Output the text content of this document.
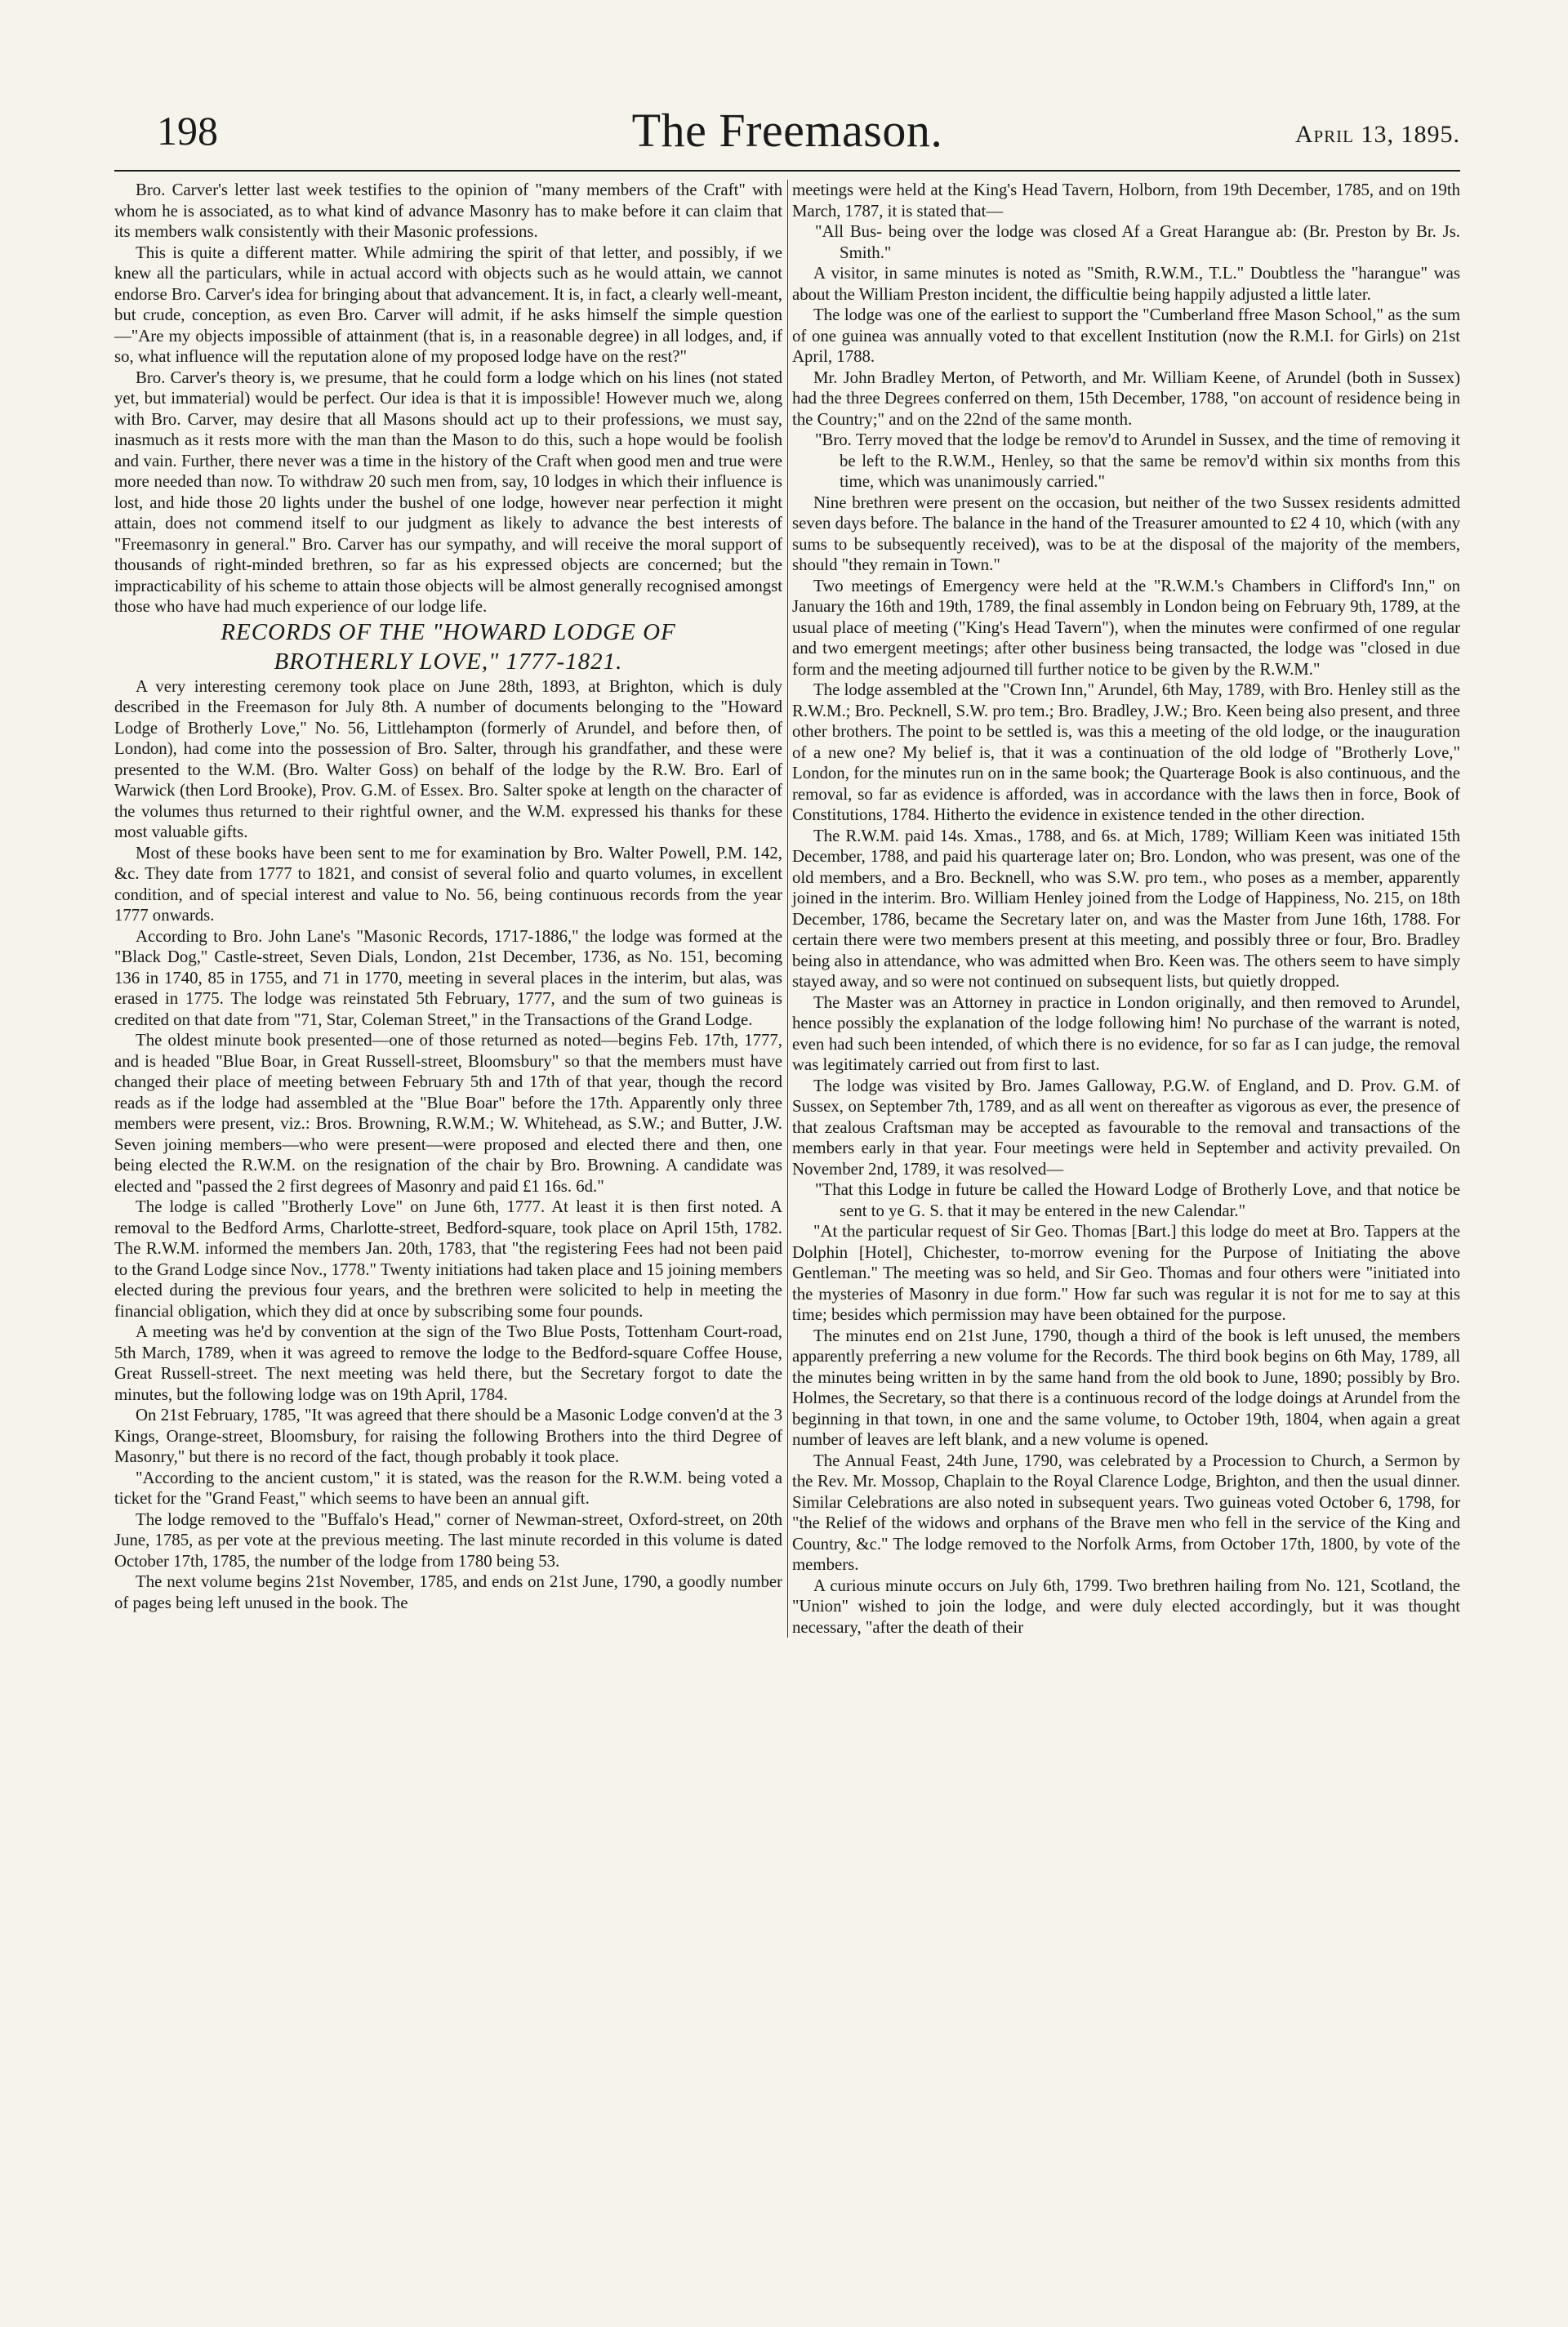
198	The Freemason.	April 13, 1895.

Bro. Carver's letter last week testifies to the opinion of "many members of the Craft" with whom he is associated, as to what kind of advance Masonry has to make before it can claim that its members walk consistently with their Masonic professions.

This is quite a different matter. While admiring the spirit of that letter, and possibly, if we knew all the particulars, while in actual accord with objects such as he would attain, we cannot endorse Bro. Carver's idea for bringing about that advancement. It is, in fact, a clearly well-meant, but crude, conception, as even Bro. Carver will admit, if he asks himself the simple question—"Are my objects impossible of attainment (that is, in a reasonable degree) in all lodges, and, if so, what influence will the reputation alone of my proposed lodge have on the rest?"

Bro. Carver's theory is, we presume, that he could form a lodge which on his lines (not stated yet, but immaterial) would be perfect. Our idea is that it is impossible! However much we, along with Bro. Carver, may desire that all Masons should act up to their professions, we must say, inasmuch as it rests more with the man than the Mason to do this, such a hope would be foolish and vain. Further, there never was a time in the history of the Craft when good men and true were more needed than now. To withdraw 20 such men from, say, 10 lodges in which their influence is lost, and hide those 20 lights under the bushel of one lodge, however near perfection it might attain, does not commend itself to our judgment as likely to advance the best interests of "Freemasonry in general." Bro. Carver has our sympathy, and will receive the moral support of thousands of right-minded brethren, so far as his expressed objects are concerned; but the impracticability of his scheme to attain those objects will be almost generally recognised amongst those who have had much experience of our lodge life.

RECORDS OF THE "HOWARD LODGE OF
BROTHERLY LOVE," 1777-1821.

A very interesting ceremony took place on June 28th, 1893, at Brighton, which is duly described in the Freemason for July 8th. A number of documents belonging to the "Howard Lodge of Brotherly Love," No. 56, Littlehampton (formerly of Arundel, and before then, of London), had come into the possession of Bro. Salter, through his grandfather, and these were presented to the W.M. (Bro. Walter Goss) on behalf of the lodge by the R.W. Bro. Earl of Warwick (then Lord Brooke), Prov. G.M. of Essex. Bro. Salter spoke at length on the character of the volumes thus returned to their rightful owner, and the W.M. expressed his thanks for these most valuable gifts.

Most of these books have been sent to me for examination by Bro. Walter Powell, P.M. 142, &c. They date from 1777 to 1821, and consist of several folio and quarto volumes, in excellent condition, and of special interest and value to No. 56, being continuous records from the year 1777 onwards.

According to Bro. John Lane's "Masonic Records, 1717-1886," the lodge was formed at the "Black Dog," Castle-street, Seven Dials, London, 21st December, 1736, as No. 151, becoming 136 in 1740, 85 in 1755, and 71 in 1770, meeting in several places in the interim, but alas, was erased in 1775. The lodge was reinstated 5th February, 1777, and the sum of two guineas is credited on that date from "71, Star, Coleman Street," in the Transactions of the Grand Lodge.

The oldest minute book presented—one of those returned as noted—begins Feb. 17th, 1777, and is headed "Blue Boar, in Great Russell-street, Bloomsbury" so that the members must have changed their place of meeting between February 5th and 17th of that year, though the record reads as if the lodge had assembled at the "Blue Boar" before the 17th. Apparently only three members were present, viz.: Bros. Browning, R.W.M.; W. Whitehead, as S.W.; and Butter, J.W. Seven joining members—who were present—were proposed and elected there and then, one being elected the R.W.M. on the resignation of the chair by Bro. Browning. A candidate was elected and "passed the 2 first degrees of Masonry and paid £1 16s. 6d."

The lodge is called "Brotherly Love" on June 6th, 1777. At least it is then first noted. A removal to the Bedford Arms, Charlotte-street, Bedford-square, took place on April 15th, 1782. The R.W.M. informed the members Jan. 20th, 1783, that "the registering Fees had not been paid to the Grand Lodge since Nov., 1778." Twenty initiations had taken place and 15 joining members elected during the previous four years, and the brethren were solicited to help in meeting the financial obligation, which they did at once by subscribing some four pounds.

A meeting was he'd by convention at the sign of the Two Blue Posts, Tottenham Court-road, 5th March, 1789, when it was agreed to remove the lodge to the Bedford-square Coffee House, Great Russell-street. The next meeting was held there, but the Secretary forgot to date the minutes, but the following lodge was on 19th April, 1784.

On 21st February, 1785, "It was agreed that there should be a Masonic Lodge conven'd at the 3 Kings, Orange-street, Bloomsbury, for raising the following Brothers into the third Degree of Masonry," but there is no record of the fact, though probably it took place.

"According to the ancient custom," it is stated, was the reason for the R.W.M. being voted a ticket for the "Grand Feast," which seems to have been an annual gift.

The lodge removed to the "Buffalo's Head," corner of Newman-street, Oxford-street, on 20th June, 1785, as per vote at the previous meeting. The last minute recorded in this volume is dated October 17th, 1785, the number of the lodge from 1780 being 53.

The next volume begins 21st November, 1785, and ends on 21st June, 1790, a goodly number of pages being left unused in the book. The

meetings were held at the King's Head Tavern, Holborn, from 19th December, 1785, and on 19th March, 1787, it is stated that—

"All Bus- being over the lodge was closed Af a Great Harangue ab: (Br. Preston by Br. Js. Smith."

A visitor, in same minutes is noted as "Smith, R.W.M., T.L." Doubtless the "harangue" was about the William Preston incident, the difficultie being happily adjusted a little later.

The lodge was one of the earliest to support the "Cumberland ffree Mason School," as the sum of one guinea was annually voted to that excellent Institution (now the R.M.I. for Girls) on 21st April, 1788.

Mr. John Bradley Merton, of Petworth, and Mr. William Keene, of Arundel (both in Sussex) had the three Degrees conferred on them, 15th December, 1788, "on account of residence being in the Country;" and on the 22nd of the same month.

"Bro. Terry moved that the lodge be remov'd to Arundel in Sussex, and the time of removing it be left to the R.W.M., Henley, so that the same be remov'd within six months from this time, which was unanimously carried."

Nine brethren were present on the occasion, but neither of the two Sussex residents admitted seven days before. The balance in the hand of the Treasurer amounted to £2 4 10, which (with any sums to be subsequently received), was to be at the disposal of the majority of the members, should "they remain in Town."

Two meetings of Emergency were held at the "R.W.M.'s Chambers in Clifford's Inn," on January the 16th and 19th, 1789, the final assembly in London being on February 9th, 1789, at the usual place of meeting ("King's Head Tavern"), when the minutes were confirmed of one regular and two emergent meetings; after other business being transacted, the lodge was "closed in due form and the meeting adjourned till further notice to be given by the R.W.M."

The lodge assembled at the "Crown Inn," Arundel, 6th May, 1789, with Bro. Henley still as the R.W.M.; Bro. Pecknell, S.W. pro tem.; Bro. Bradley, J.W.; Bro. Keen being also present, and three other brothers. The point to be settled is, was this a meeting of the old lodge, or the inauguration of a new one? My belief is, that it was a continuation of the old lodge of "Brotherly Love," London, for the minutes run on in the same book; the Quarterage Book is also continuous, and the removal, so far as evidence is afforded, was in accordance with the laws then in force, Book of Constitutions, 1784. Hitherto the evidence in existence tended in the other direction.

The R.W.M. paid 14s. Xmas., 1788, and 6s. at Mich, 1789; William Keen was initiated 15th December, 1788, and paid his quarterage later on; Bro. London, who was present, was one of the old members, and a Bro. Becknell, who was S.W. pro tem., who poses as a member, apparently joined in the interim. Bro. William Henley joined from the Lodge of Happiness, No. 215, on 18th December, 1786, became the Secretary later on, and was the Master from June 16th, 1788. For certain there were two members present at this meeting, and possibly three or four, Bro. Bradley being also in attendance, who was admitted when Bro. Keen was. The others seem to have simply stayed away, and so were not continued on subsequent lists, but quietly dropped.

The Master was an Attorney in practice in London originally, and then removed to Arundel, hence possibly the explanation of the lodge following him! No purchase of the warrant is noted, even had such been intended, of which there is no evidence, for so far as I can judge, the removal was legitimately carried out from first to last.

The lodge was visited by Bro. James Galloway, P.G.W. of England, and D. Prov. G.M. of Sussex, on September 7th, 1789, and as all went on thereafter as vigorous as ever, the presence of that zealous Craftsman may be accepted as favourable to the removal and transactions of the members early in that year. Four meetings were held in September and activity prevailed. On November 2nd, 1789, it was resolved—

"That this Lodge in future be called the Howard Lodge of Brotherly Love, and that notice be sent to ye G. S. that it may be entered in the new Calendar."

"At the particular request of Sir Geo. Thomas [Bart.] this lodge do meet at Bro. Tappers at the Dolphin [Hotel], Chichester, to-morrow evening for the Purpose of Initiating the above Gentleman." The meeting was so held, and Sir Geo. Thomas and four others were "initiated into the mysteries of Masonry in due form." How far such was regular it is not for me to say at this time; besides which permission may have been obtained for the purpose.

The minutes end on 21st June, 1790, though a third of the book is left unused, the members apparently preferring a new volume for the Records. The third book begins on 6th May, 1789, all the minutes being written in by the same hand from the old book to June, 1890; possibly by Bro. Holmes, the Secretary, so that there is a continuous record of the lodge doings at Arundel from the beginning in that town, in one and the same volume, to October 19th, 1804, when again a great number of leaves are left blank, and a new volume is opened.

The Annual Feast, 24th June, 1790, was celebrated by a Procession to Church, a Sermon by the Rev. Mr. Mossop, Chaplain to the Royal Clarence Lodge, Brighton, and then the usual dinner. Similar Celebrations are also noted in subsequent years. Two guineas voted October 6, 1798, for "the Relief of the widows and orphans of the Brave men who fell in the service of the King and Country, &c." The lodge removed to the Norfolk Arms, from October 17th, 1800, by vote of the members.

A curious minute occurs on July 6th, 1799. Two brethren hailing from No. 121, Scotland, the "Union" wished to join the lodge, and were duly elected accordingly, but it was thought necessary, "after the death of their
